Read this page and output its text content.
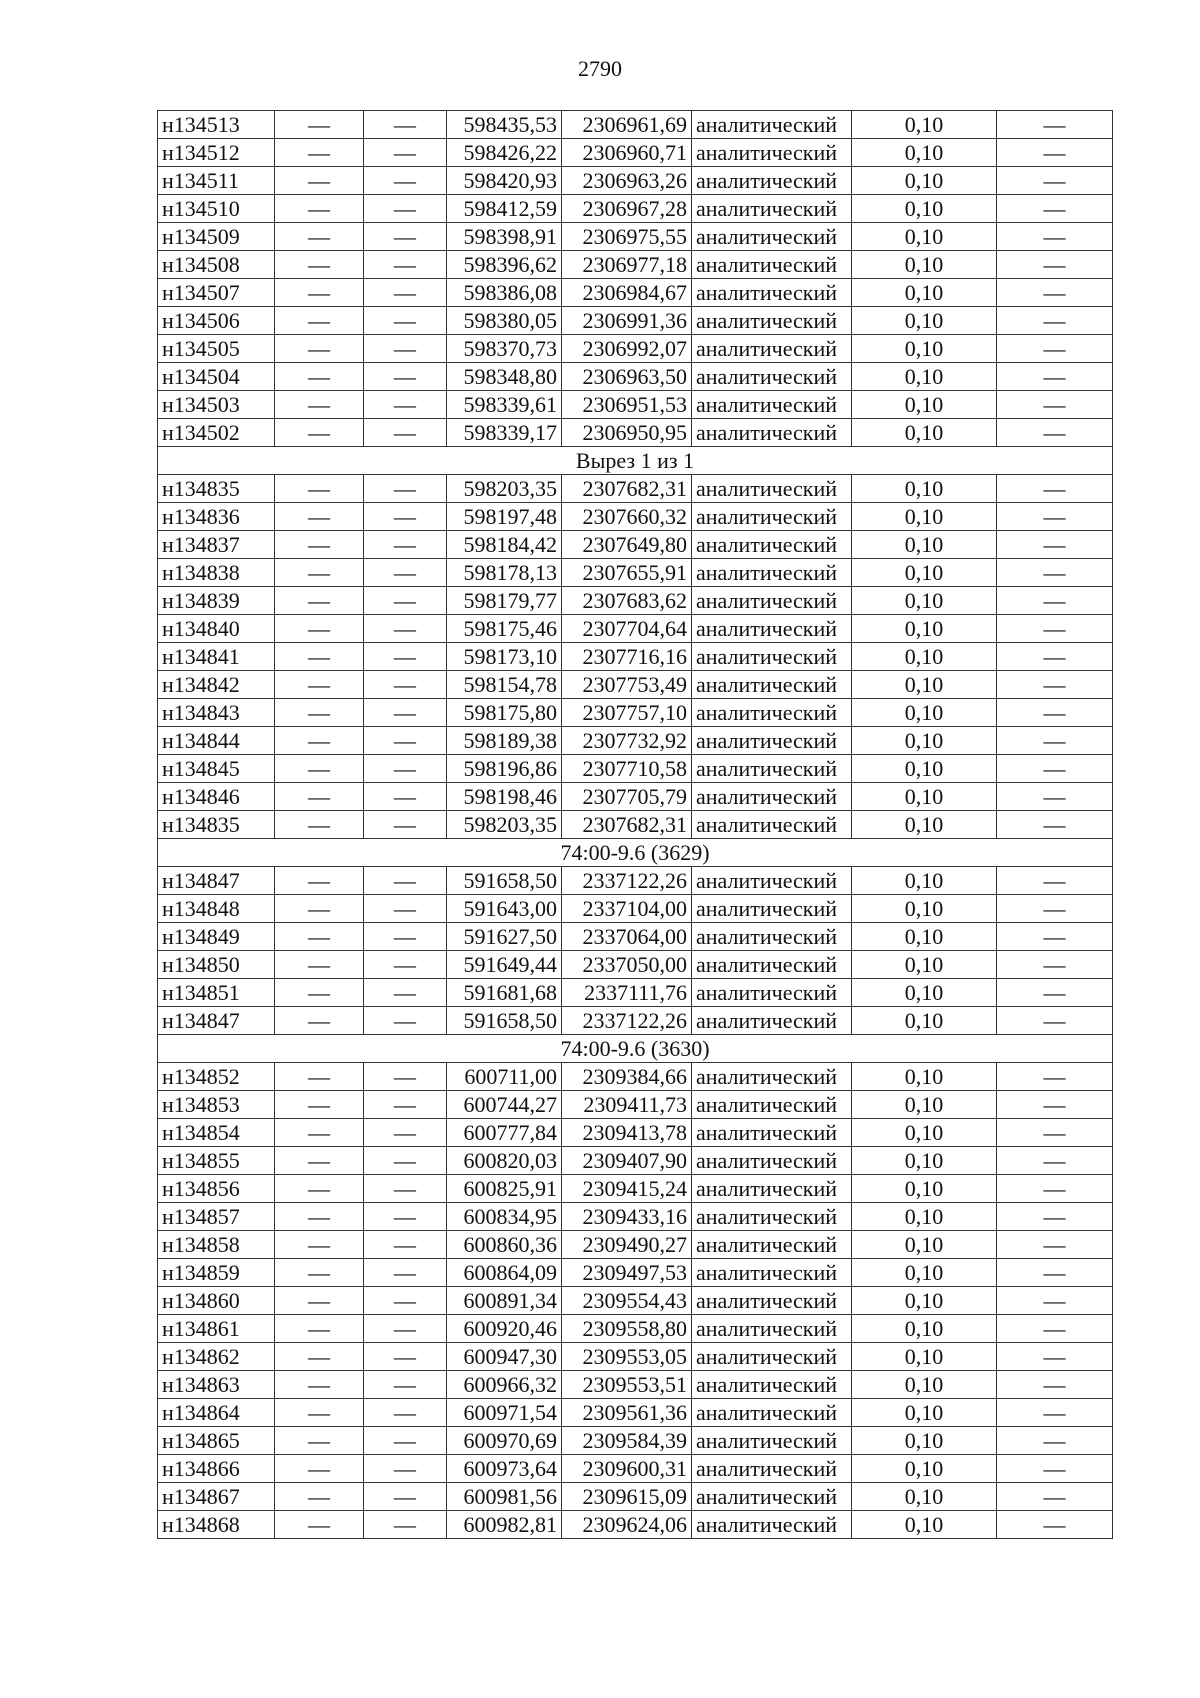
2790
н134513	—	—	598435,53	2306961,69	аналитический	0,10	—
н134512	—	—	598426,22	2306960,71	аналитический	0,10	—
н134511	—	—	598420,93	2306963,26	аналитический	0,10	—
н134510	—	—	598412,59	2306967,28	аналитический	0,10	—
н134509	—	—	598398,91	2306975,55	аналитический	0,10	—
н134508	—	—	598396,62	2306977,18	аналитический	0,10	—
н134507	—	—	598386,08	2306984,67	аналитический	0,10	—
н134506	—	—	598380,05	2306991,36	аналитический	0,10	—
н134505	—	—	598370,73	2306992,07	аналитический	0,10	—
н134504	—	—	598348,80	2306963,50	аналитический	0,10	—
н134503	—	—	598339,61	2306951,53	аналитический	0,10	—
н134502	—	—	598339,17	2306950,95	аналитический	0,10	—
Вырез 1 из 1							
н134835	—	—	598203,35	2307682,31	аналитический	0,10	—
н134836	—	—	598197,48	2307660,32	аналитический	0,10	—
н134837	—	—	598184,42	2307649,80	аналитический	0,10	—
н134838	—	—	598178,13	2307655,91	аналитический	0,10	—
н134839	—	—	598179,77	2307683,62	аналитический	0,10	—
н134840	—	—	598175,46	2307704,64	аналитический	0,10	—
н134841	—	—	598173,10	2307716,16	аналитический	0,10	—
н134842	—	—	598154,78	2307753,49	аналитический	0,10	—
н134843	—	—	598175,80	2307757,10	аналитический	0,10	—
н134844	—	—	598189,38	2307732,92	аналитический	0,10	—
н134845	—	—	598196,86	2307710,58	аналитический	0,10	—
н134846	—	—	598198,46	2307705,79	аналитический	0,10	—
н134835	—	—	598203,35	2307682,31	аналитический	0,10	—
74:00-9.6 (3629)							
н134847	—	—	591658,50	2337122,26	аналитический	0,10	—
н134848	—	—	591643,00	2337104,00	аналитический	0,10	—
н134849	—	—	591627,50	2337064,00	аналитический	0,10	—
н134850	—	—	591649,44	2337050,00	аналитический	0,10	—
н134851	—	—	591681,68	2337111,76	аналитический	0,10	—
н134847	—	—	591658,50	2337122,26	аналитический	0,10	—
74:00-9.6 (3630)							
н134852	—	—	600711,00	2309384,66	аналитический	0,10	—
н134853	—	—	600744,27	2309411,73	аналитический	0,10	—
н134854	—	—	600777,84	2309413,78	аналитический	0,10	—
н134855	—	—	600820,03	2309407,90	аналитический	0,10	—
н134856	—	—	600825,91	2309415,24	аналитический	0,10	—
н134857	—	—	600834,95	2309433,16	аналитический	0,10	—
н134858	—	—	600860,36	2309490,27	аналитический	0,10	—
н134859	—	—	600864,09	2309497,53	аналитический	0,10	—
н134860	—	—	600891,34	2309554,43	аналитический	0,10	—
н134861	—	—	600920,46	2309558,80	аналитический	0,10	—
н134862	—	—	600947,30	2309553,05	аналитический	0,10	—
н134863	—	—	600966,32	2309553,51	аналитический	0,10	—
н134864	—	—	600971,54	2309561,36	аналитический	0,10	—
н134865	—	—	600970,69	2309584,39	аналитический	0,10	—
н134866	—	—	600973,64	2309600,31	аналитический	0,10	—
н134867	—	—	600981,56	2309615,09	аналитический	0,10	—
н134868	—	—	600982,81	2309624,06	аналитический	0,10	—
